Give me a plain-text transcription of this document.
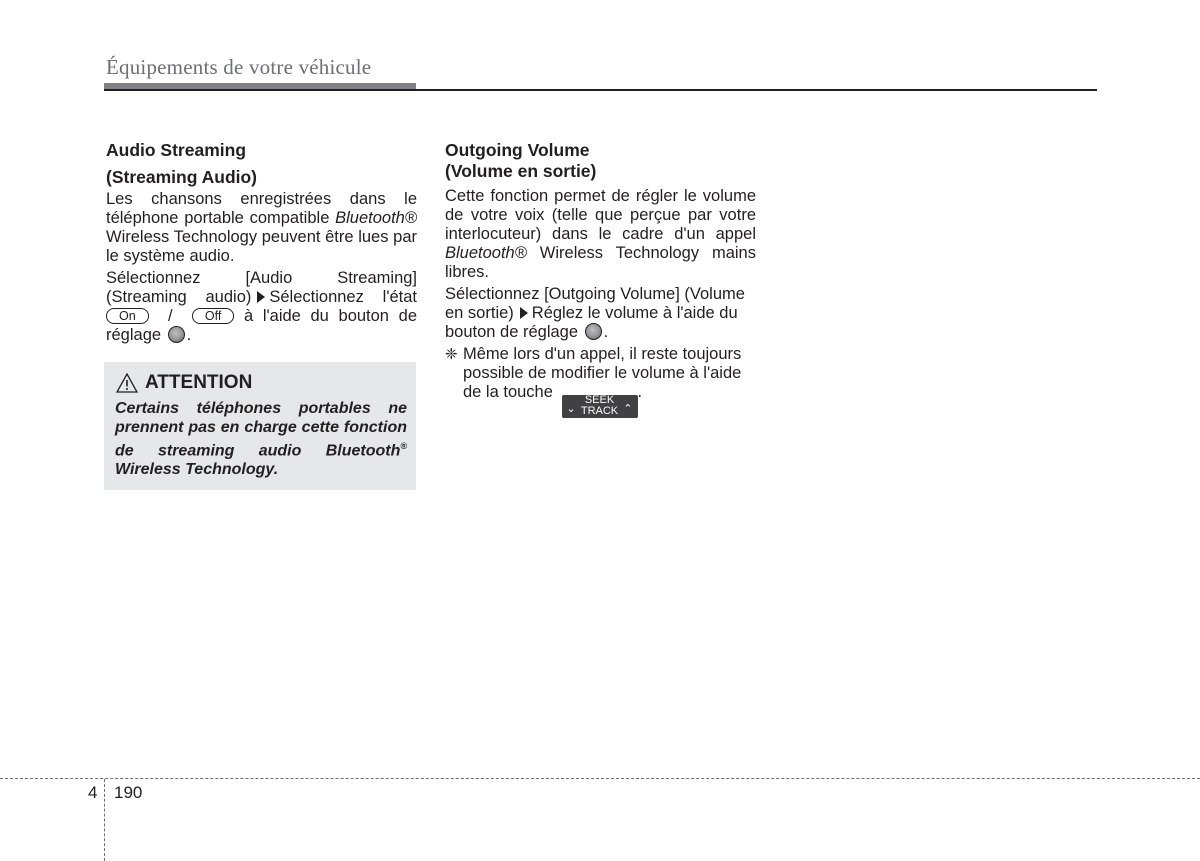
Équipements de votre véhicule
Audio Streaming
(Streaming Audio)

Les chansons enregistrées dans le téléphone portable compatible Bluetooth® Wireless Technology peuvent être lues par le système audio.

Sélectionnez [Audio Streaming] (Streaming audio) Sélectionnez l'état On /	Off à l'aide du bouton de réglage .

ATTENTION
Certains téléphones portables ne prennent pas en charge cette fonction de streaming audio Bluetooth® Wireless Technology.
Outgoing Volume
(Volume en sortie)

Cette fonction permet de régler le volume de votre voix (telle que perçue par votre interlocuteur) dans le cadre d'un appel Bluetooth® Wireless Technology mains libres.

Sélectionnez [Outgoing Volume] (Volume en sortie) Réglez le volume à l'aide du bouton de réglage .

❈ Même lors d'un appel, il reste toujours possible de modifier le volume à l'aide de la touche
⌄
SEEK
TRACK ⌃
.
4 190
